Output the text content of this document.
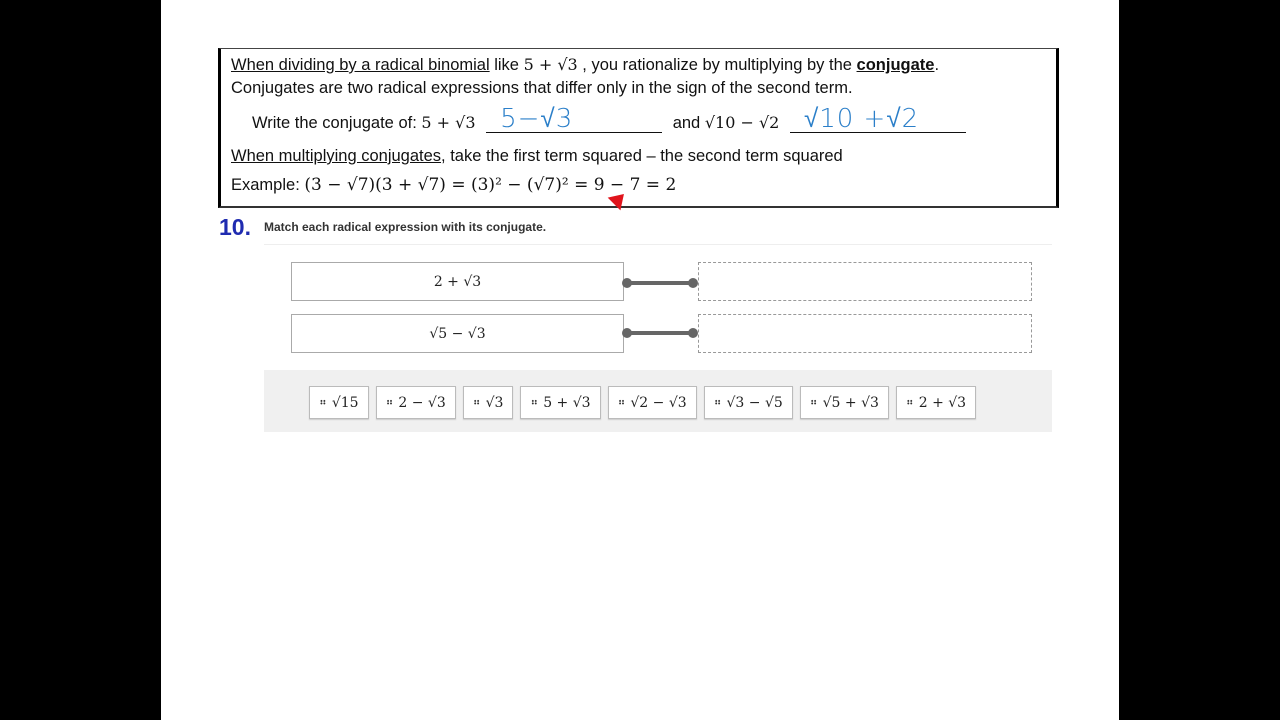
When dividing by a radical binomial like 5 + √3 , you rationalize by multiplying by the conjugate.
Conjugates are two radical expressions that differ only in the sign of the second term.
Write the conjugate of: 5 + √3 5−√3	and √10 − √2 √10 +√2
When multiplying conjugates, take the first term squared – the second term squared
Example: (3 − √7)(3 + √7) = (3)² − (√7)² = 9 − 7 = 2
10. Match each radical expression with its conjugate.
2 + √3
√5 − √3
⠶ √15	⠶ 2 − √3	⠶ √3	⠶ 5 + √3	⠶ √2 − √3	⠶ √3 − √5	⠶ √5 + √3	⠶ 2 + √3
